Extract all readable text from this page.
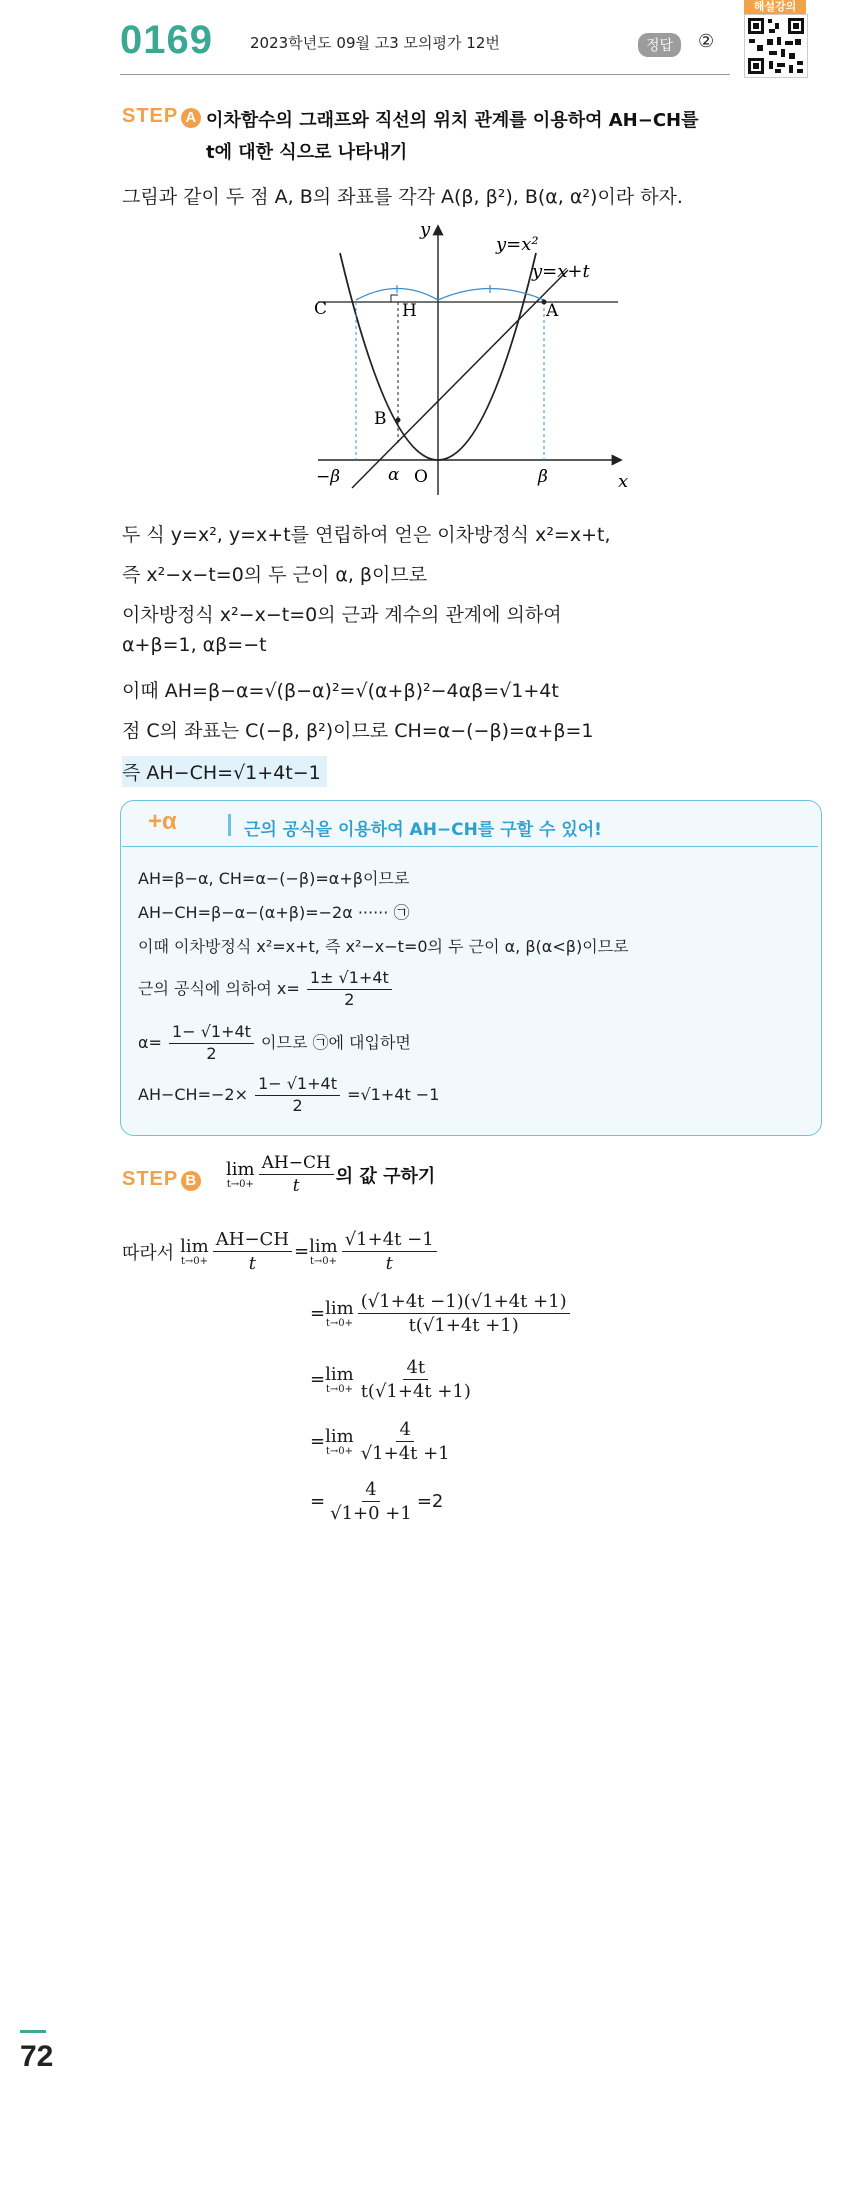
0169 2023학년도 09월 고3 모의평가 12번	정답	②
해설강의
STEP A 이차함수의 그래프와 직선의 위치 관계를 이용하여 AH−CH를
t에 대한 식으로 나타내기
그림과 같이 두 점 A, B의 좌표를 각각 A(β, β²), B(α, α²)이라 하자.
y
x
y=x²
y=x+t
C	H	A
B
O
−β	α	β
두 식 y=x², y=x+t를 연립하여 얻은 이차방정식 x²=x+t,
즉 x²−x−t=0의 두 근이 α, β이므로
이차방정식 x²−x−t=0의 근과 계수의 관계에 의하여
α+β=1, αβ=−t
이때 AH=β−α=√(β−α)²=√(α+β)²−4αβ=√1+4t
점 C의 좌표는 C(−β, β²)이므로 CH=α−(−β)=α+β=1
즉 AH−CH=√1+4t−1
+α	근의 공식을 이용하여 AH−CH를 구할 수 있어!
AH=β−α, CH=α−(−β)=α+β이므로
AH−CH=β−α−(α+β)=−2α ······ ㉠
이때 이차방정식 x²=x+t, 즉 x²−x−t=0의 두 근이 α, β(α<β)이므로
근의 공식에 의하여 $x= \frac{1\pm √1+4t}{2}$
$\alpha= \frac{1- √1+4t}{2}$ 이므로 ㉠에 대입하면
$AH-CH=-2\times \frac{1- √1+4t}{2} =√1+4t -1$
STEP B
lim
$t\to 0+ \frac{AH-CH}{t}$ 의 값 구하기
따라서 lim
$t\to 0+ \frac{AH-CH}{t} = \lim$
$t\to 0+ \frac{√1+4t -1}{t}$
= lim
$t\to 0+ \frac{(√1+4t -1)(√1+4t +1)}{t(√1+4t +1)}$
= lim
$t\to 0+ \frac{4t}{t(√1+4t +1)}$
= lim
$t\to 0+ \frac{4}{√1+4t +1}$
= $\frac{4}{√1+0 +1} =2$
72
